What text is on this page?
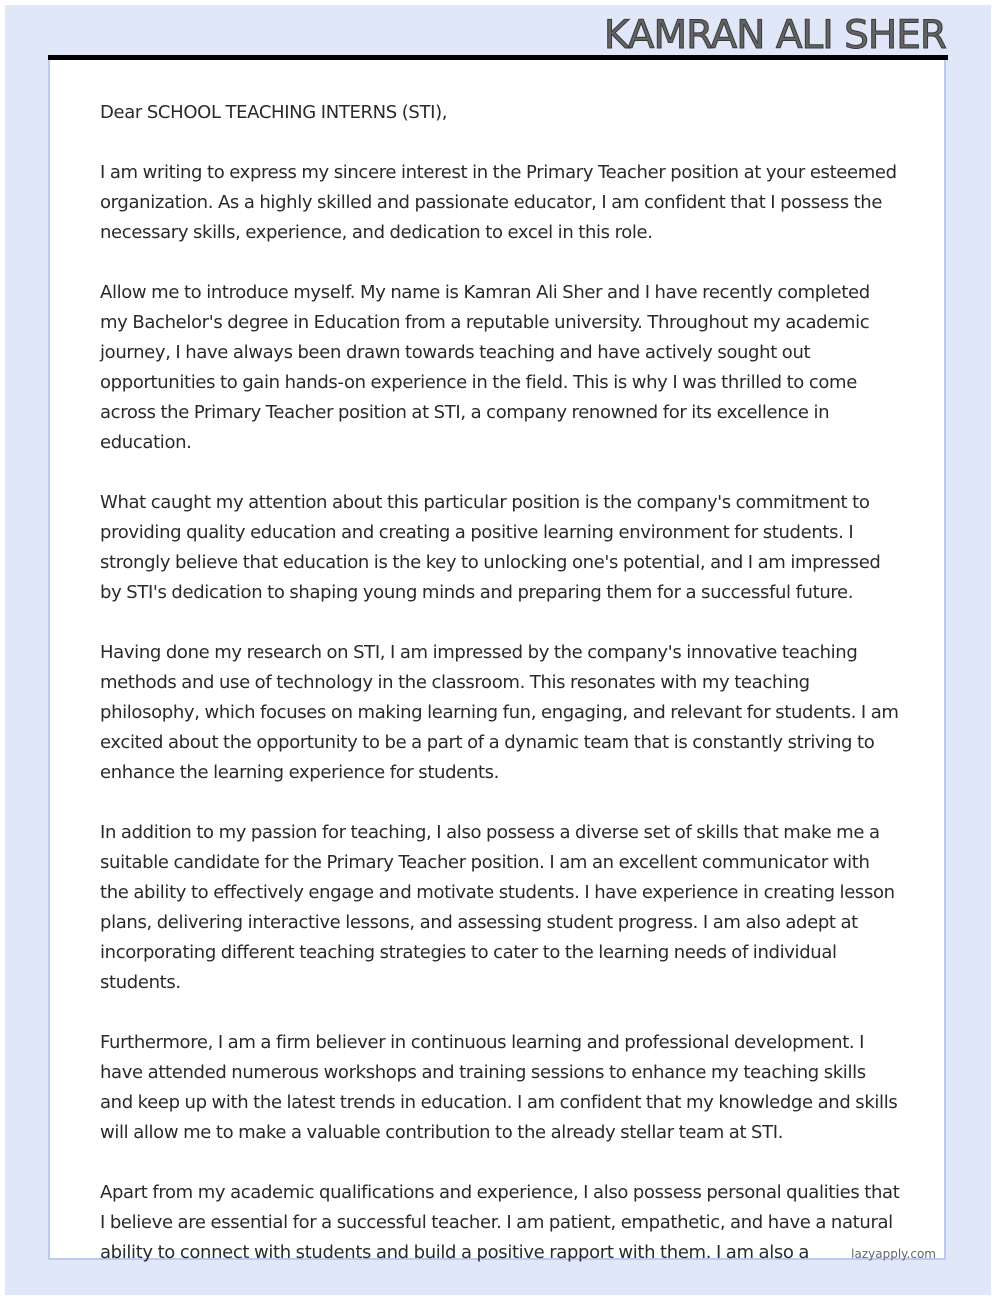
KAMRAN ALI SHER

Dear SCHOOL TEACHING INTERNS (STI),

I am writing to express my sincere interest in the Primary Teacher position at your esteemed organization. As a highly skilled and passionate educator, I am confident that I possess the necessary skills, experience, and dedication to excel in this role.

Allow me to introduce myself. My name is Kamran Ali Sher and I have recently completed my Bachelor's degree in Education from a reputable university. Throughout my academic journey, I have always been drawn towards teaching and have actively sought out opportunities to gain hands-on experience in the field. This is why I was thrilled to come across the Primary Teacher position at STI, a company renowned for its excellence in education.

What caught my attention about this particular position is the company's commitment to providing quality education and creating a positive learning environment for students. I strongly believe that education is the key to unlocking one's potential, and I am impressed by STI's dedication to shaping young minds and preparing them for a successful future.

Having done my research on STI, I am impressed by the company's innovative teaching methods and use of technology in the classroom. This resonates with my teaching philosophy, which focuses on making learning fun, engaging, and relevant for students. I am excited about the opportunity to be a part of a dynamic team that is constantly striving to enhance the learning experience for students.

In addition to my passion for teaching, I also possess a diverse set of skills that make me a suitable candidate for the Primary Teacher position. I am an excellent communicator with the ability to effectively engage and motivate students. I have experience in creating lesson plans, delivering interactive lessons, and assessing student progress. I am also adept at incorporating different teaching strategies to cater to the learning needs of individual students.

Furthermore, I am a firm believer in continuous learning and professional development. I have attended numerous workshops and training sessions to enhance my teaching skills and keep up with the latest trends in education. I am confident that my knowledge and skills will allow me to make a valuable contribution to the already stellar team at STI.

Apart from my academic qualifications and experience, I also possess personal qualities that I believe are essential for a successful teacher. I am patient, empathetic, and have a natural ability to connect with students and build a positive rapport with them. I am also a	lazyapply.com
